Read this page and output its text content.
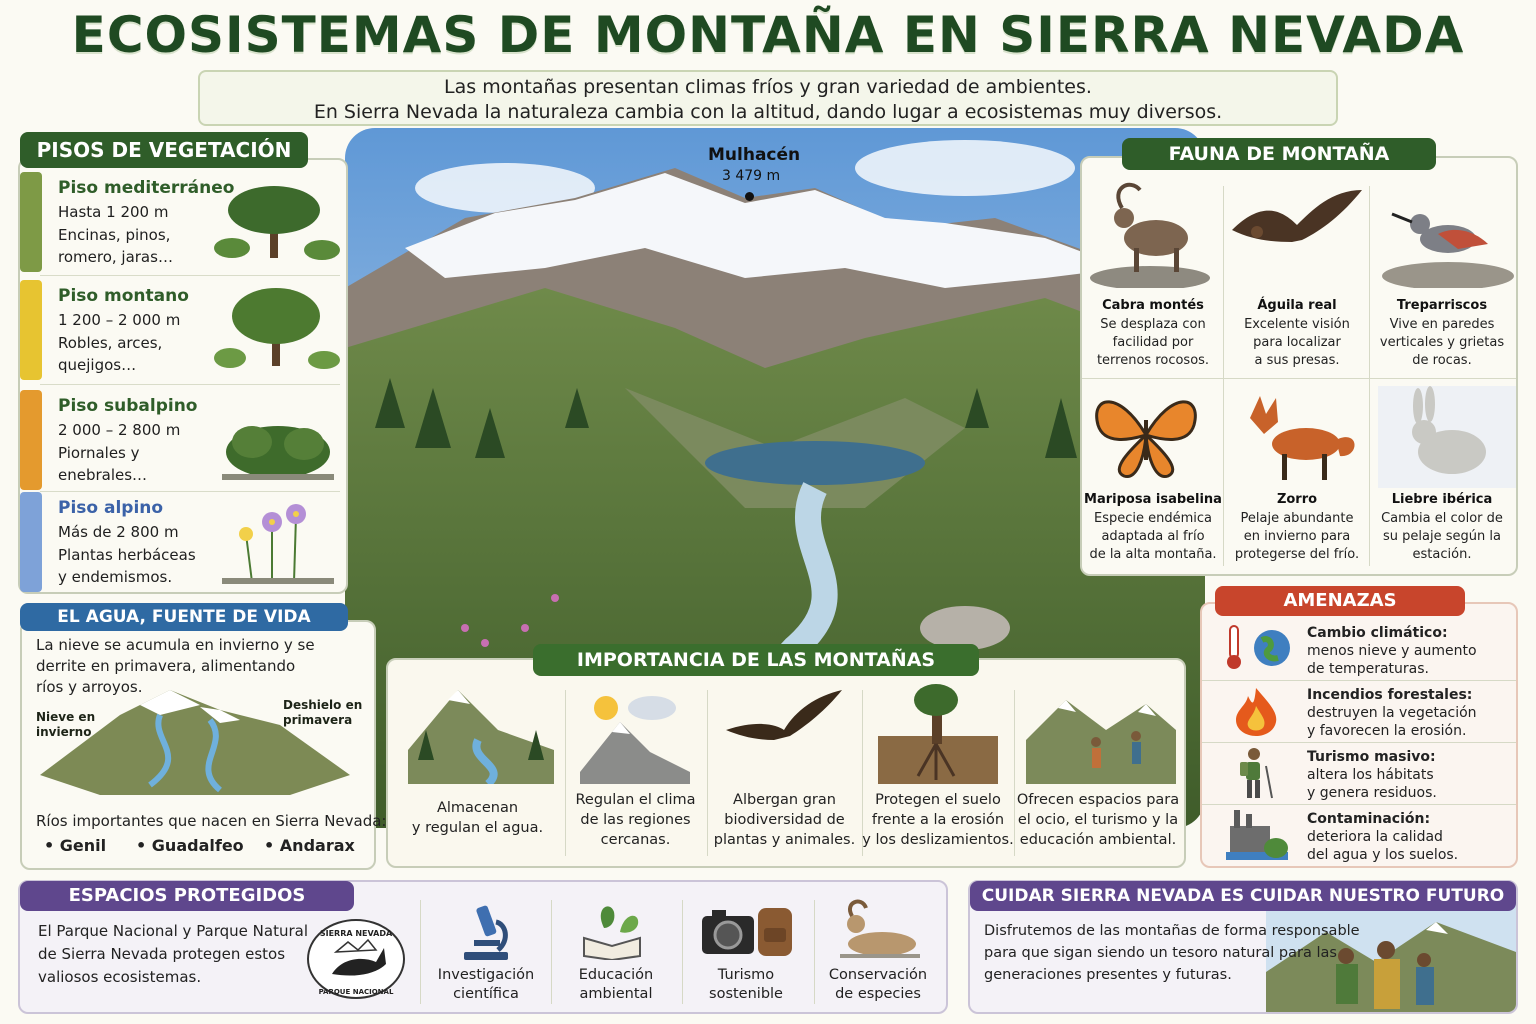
ECOSISTEMAS DE MONTAÑA EN SIERRA NEVADA
Las montañas presentan climas fríos y gran variedad de ambientes.
En Sierra Nevada la naturaleza cambia con la altitud, dando lugar a ecosistemas muy diversos.
Mulhacén
3 479 m
PISOS DE VEGETACIÓN
Piso mediterráneo
Hasta 1 200 m
Encinas, pinos,
romero, jaras…
Piso montano
1 200 – 2 000 m
Robles, arces,
quejigos…
Piso subalpino
2 000 – 2 800 m
Piornales y
enebrales…
Piso alpino
Más de 2 800 m
Plantas herbáceas
y endemismos.
EL AGUA, FUENTE DE VIDA
La nieve se acumula en invierno y se
derrite en primavera, alimentando
ríos y arroyos.
Nieve en
invierno
Deshielo en
primavera
Ríos importantes que nacen en Sierra Nevada:
• Genil • Guadalfeo • Andarax
FAUNA DE MONTAÑA
Cabra montés
Se desplaza con
facilidad por
terrenos rocosos.
Águila real
Excelente visión
para localizar
a sus presas.
Treparriscos
Vive en paredes
verticales y grietas
de rocas.
Mariposa isabelina
Especie endémica
adaptada al frío
de la alta montaña.
Zorro
Pelaje abundante
en invierno para
protegerse del frío.
Liebre ibérica
Cambia el color de
su pelaje según la
estación.
AMENAZAS
Cambio climático:
menos nieve y aumento
de temperaturas.
Incendios forestales:
destruyen la vegetación
y favorecen la erosión.
Turismo masivo:
altera los hábitats
y genera residuos.
Contaminación:
deteriora la calidad
del agua y los suelos.
IMPORTANCIA DE LAS MONTAÑAS
Almacenan
y regulan el agua.
Regulan el clima
de las regiones
cercanas.
Albergan gran
biodiversidad de
plantas y animales.
Protegen el suelo
frente a la erosión
y los deslizamientos.
Ofrecen espacios para
el ocio, el turismo y la
educación ambiental.
ESPACIOS PROTEGIDOS
El Parque Nacional y Parque Natural
de Sierra Nevada protegen estos
valiosos ecosistemas.
SIERRA NEVADA
PARQUE NACIONAL
Investigación
científica
Educación
ambiental
Turismo
sostenible
Conservación
de especies
CUIDAR SIERRA NEVADA ES CUIDAR NUESTRO FUTURO
Disfrutemos de las montañas de forma responsable
para que sigan siendo un tesoro natural para las
generaciones presentes y futuras.
